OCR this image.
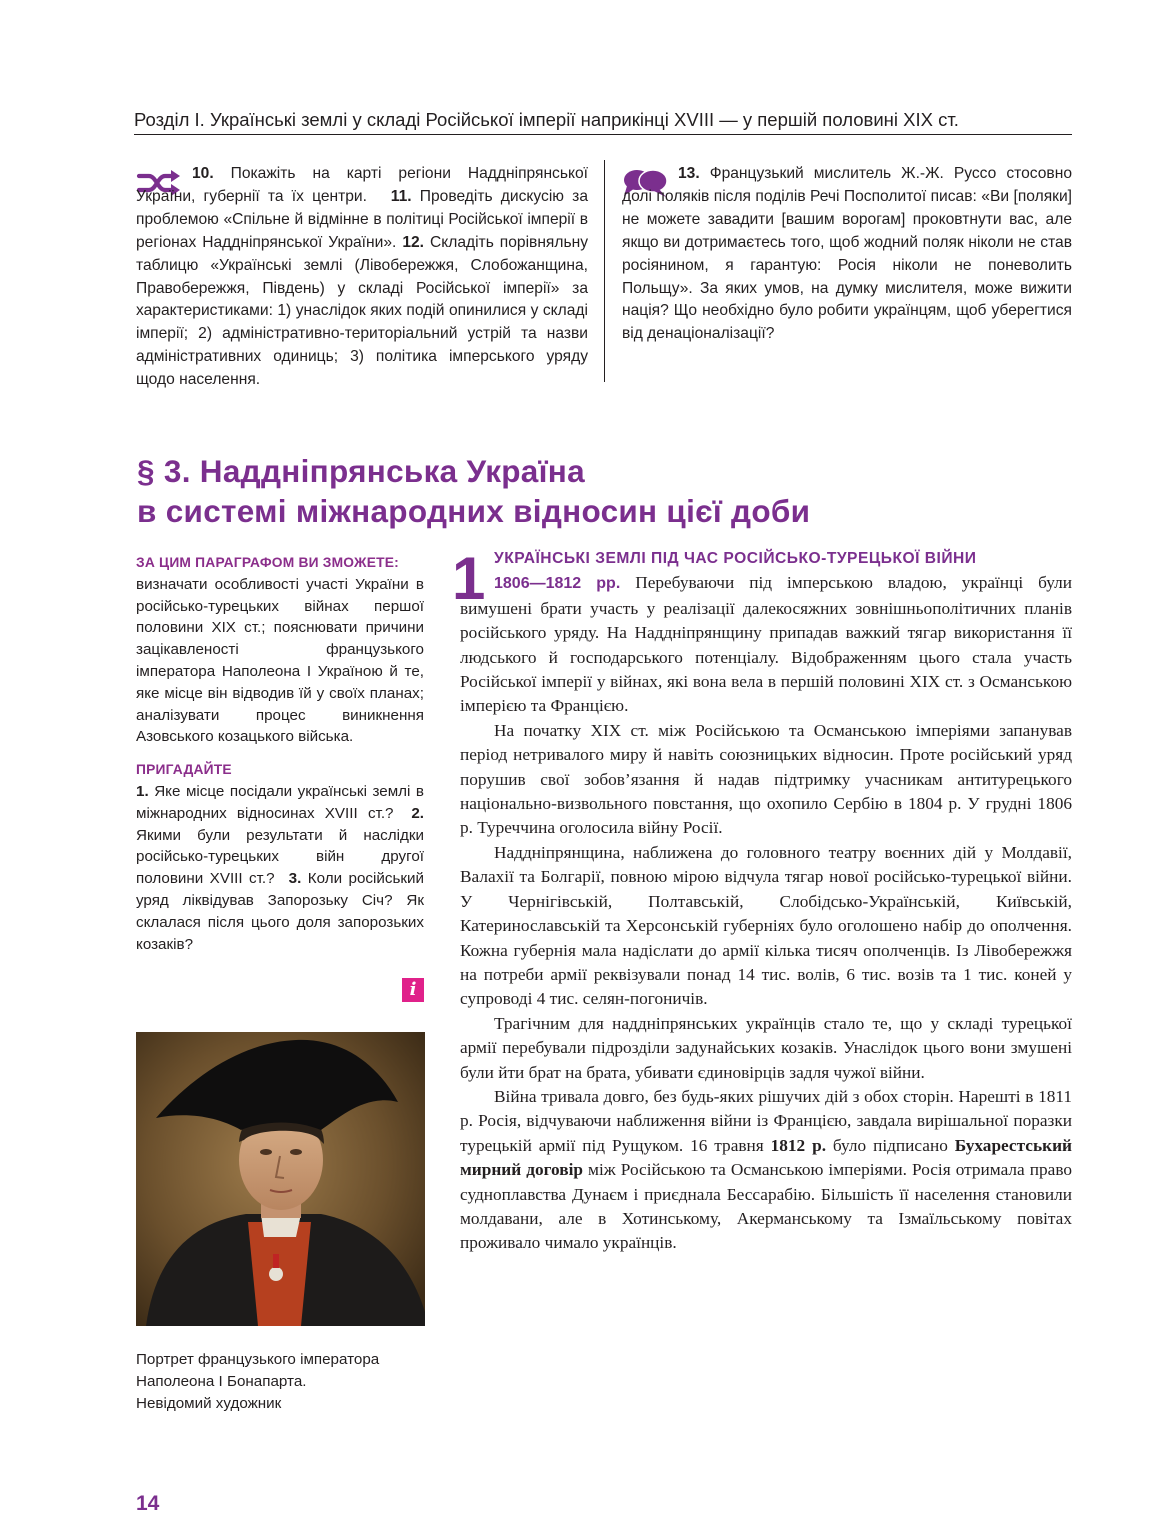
Розділ І. Українські землі у складі Російської імперії наприкінці XVIII — у першій половині XIX ст.
10. Покажіть на карті регіони Наддніпрянської України, губернії та їх центри.   11. Проведіть дискусію за проблемою «Спільне й відмінне в політиці Російської імперії в регіонах Наддніпрянської України». 12. Складіть порівняльну таблицю «Українські землі (Лівобережжя, Слобожанщина, Правобережжя, Південь) у складі Російської імперії» за характеристиками: 1) унаслідок яких подій опинилися у складі імперії; 2) адміністративно-територіальний устрій та назви адміністративних одиниць; 3) політика імперського уряду щодо населення.
13. Французький мислитель Ж.-Ж. Руссо стосовно долі поляків після поділів Речі Посполитої писав: «Ви [поляки] не можете завадити [вашим ворогам] проковтнути вас, але якщо ви дотримаєтесь того, щоб жодний поляк ніколи не став росіянином, я гарантую: Росія ніколи не поневолить Польщу». За яких умов, на думку мислителя, може вижити нація? Що необхідно було робити українцям, щоб уберегтися від денаціоналізації?
§ 3. Наддніпрянська Україна
в системі міжнародних відносин цієї доби

ЗА ЦИМ ПАРАГРАФОМ ВИ ЗМОЖЕТЕ:

визначати особливості участі України в російсько-турецьких війнах першої половини XIX ст.; пояснювати причини зацікавленості французького імператора Наполеона I Україною й те, яке місце він відводив їй у своїх планах; аналізувати процес виникнення Азовського козацького війська.

ПРИГАДАЙТЕ

1. Яке місце посідали українські землі в міжнародних відносинах XVIII ст.?  2. Якими були результати й наслідки російсько-турецьких війн другої половини XVIII ст.?  3. Коли російський уряд ліквідував Запорозьку Січ? Як склалася після цього доля запорозьких козаків?

i
Портрет французького імператора
Наполеона I Бонапарта.
Невідомий художник
1 УКРАЇНСЬКІ ЗЕМЛІ ПІД ЧАС РОСІЙСЬКО-ТУРЕЦЬКОЇ ВІЙНИ
1806—1812 рр. Перебуваючи під імперською владою, українці були вимушені брати участь у реалізації далекосяжних зовнішньополітичних планів російського уряду. На Наддніпрянщину припадав важкий тягар використання її людського й господарського потенціалу. Відображенням цього стала участь Російської імперії у війнах, які вона вела в першій половині XIX ст. з Османською імперією та Францією.

На початку XIX ст. між Російською та Османською імперіями запанував період нетривалого миру й навіть союзницьких відносин. Проте російський уряд порушив свої зобов’язання й надав підтримку учасникам антитурецького національно-визвольного повстання, що охопило Сербію в 1804 р. У грудні 1806 р. Туреччина оголосила війну Росії.

Наддніпрянщина, наближена до головного театру воєнних дій у Молдавії, Валахії та Болгарії, повною мірою відчула тягар нової російсько-турецької війни. У Чернігівській, Полтавській, Слобідсько-Українській, Київській, Катеринославській та Херсонській губерніях було оголошено набір до ополчення. Кожна губернія мала надіслати до армії кілька тисяч ополченців. Із Лівобережжя на потреби армії реквізували понад 14 тис. волів, 6 тис. возів та 1 тис. коней у супроводі 4 тис. селян-погоничів.

Трагічним для наддніпрянських українців стало те, що у складі турецької армії перебували підрозділи задунайських козаків. Унаслідок цього вони змушені були йти брат на брата, убивати єдиновірців задля чужої війни.

Війна тривала довго, без будь-яких рішучих дій з обох сторін. Нарешті в 1811 р. Росія, відчуваючи наближення війни із Францією, завдала вирішальної поразки турецькій армії під Рущуком. 16 травня 1812 р. було підписано Бухарестський мирний договір між Російською та Османською імперіями. Росія отримала право судноплавства Дунаєм і приєднала Бессарабію. Більшість її населення становили молдавани, але в Хотинському, Акерманському та Ізмаїльському повітах проживало чимало українців.

14
